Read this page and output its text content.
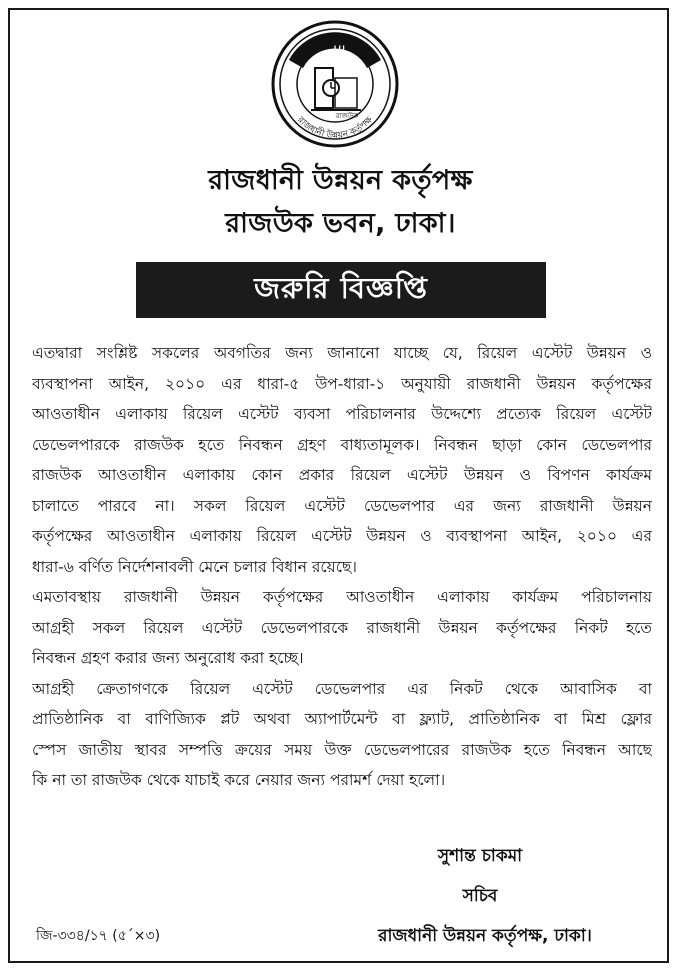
اللہ
রাজউক
রাজধানী উন্নয়ন কর্তৃপক্ষ
রাজধানী উন্নয়ন কর্তৃপক্ষ
রাজউক ভবন, ঢাকা।
জরুরি বিজ্ঞপ্তি
এতদ্বারা সংশ্লিষ্ট সকলের অবগতির জন্য জানানো যাচ্ছে যে, রিয়েল এস্টেট উন্নয়ন ও
ব্যবস্থাপনা আইন, ২০১০ এর ধারা-৫ উপ-ধারা-১ অনুযায়ী রাজধানী উন্নয়ন কর্তৃপক্ষের
আওতাধীন এলাকায় রিয়েল এস্টেট ব্যবসা পরিচালনার উদ্দেশ্যে প্রত্যেক রিয়েল এস্টেট
ডেভেলপারকে রাজউক হতে নিবন্ধন গ্রহণ বাধ্যতামূলক। নিবন্ধন ছাড়া কোন ডেভেলপার
রাজউক আওতাধীন এলাকায় কোন প্রকার রিয়েল এস্টেট উন্নয়ন ও বিপণন কার্যক্রম
চালাতে পারবে না। সকল রিয়েল এস্টেট ডেভেলপার এর জন্য রাজধানী উন্নয়ন
কর্তৃপক্ষের আওতাধীন এলাকায় রিয়েল এস্টেট উন্নয়ন ও ব্যবস্থাপনা আইন, ২০১০ এর
ধারা-৬ বর্ণিত নির্দেশনাবলী মেনে চলার বিধান রয়েছে।
এমতাবস্থায় রাজধানী উন্নয়ন কর্তৃপক্ষের আওতাধীন এলাকায় কার্যক্রম পরিচালনায়
আগ্রহী সকল রিয়েল এস্টেট ডেভেলপারকে রাজধানী উন্নয়ন কর্তৃপক্ষের নিকট হতে
নিবন্ধন গ্রহণ করার জন্য অনুরোধ করা হচ্ছে।
আগ্রহী ক্রেতাগণকে রিয়েল এস্টেট ডেভেলপার এর নিকট থেকে আবাসিক বা
প্রাতিষ্ঠানিক বা বাণিজ্যিক প্লট অথবা অ্যাপার্টমেন্ট বা ফ্ল্যাট, প্রাতিষ্ঠানিক বা মিশ্র ফ্লোর
স্পেস জাতীয় স্থাবর সম্পত্তি ক্রয়ের সময় উক্ত ডেভেলপারের রাজউক হতে নিবন্ধন আছে
কি না তা রাজউক থেকে যাচাই করে নেয়ার জন্য পরামর্শ দেয়া হলো।
সুশান্ত চাকমা
সচিব
রাজধানী উন্নয়ন কর্তৃপক্ষ, ঢাকা।
জি-৩৩৪/১৭ (৫´×৩)
